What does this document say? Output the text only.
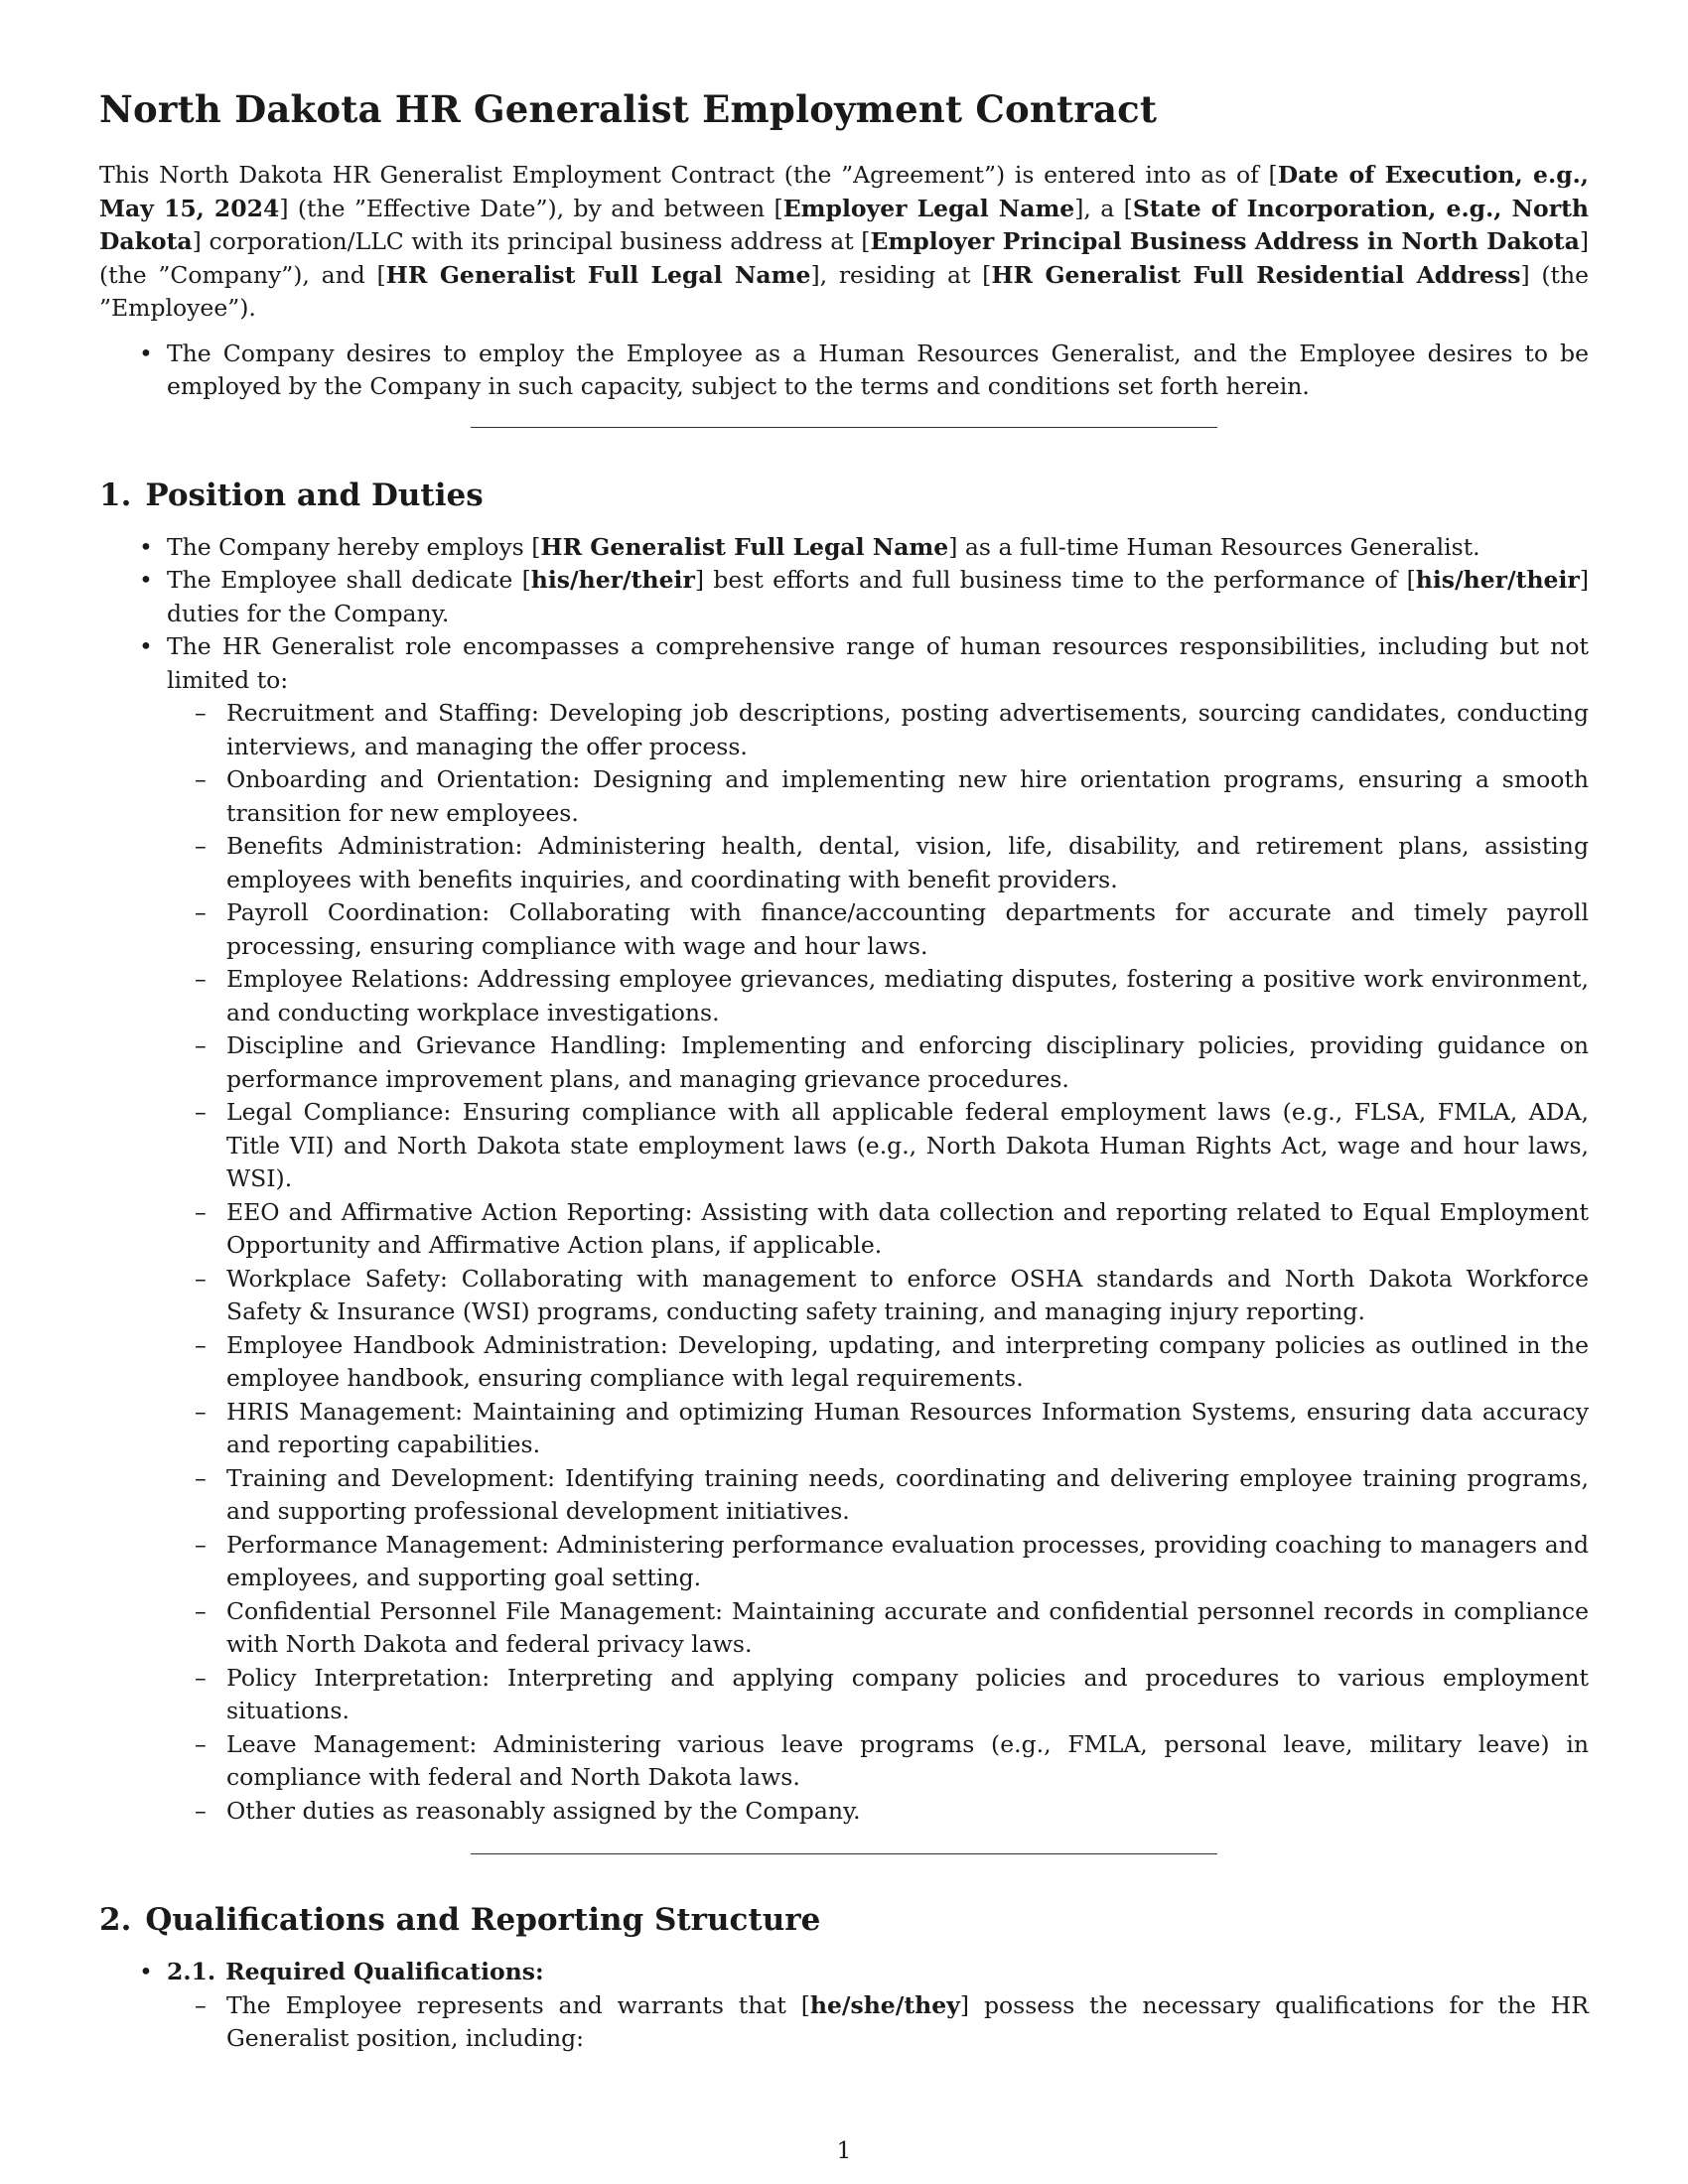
North Dakota HR Generalist Employment Contract

This North Dakota HR Generalist Employment Contract (the ”Agreement”) is entered into as of [Date of Execution, e.g., May 15, 2024] (the ”Effective Date”), by and between [Employer Legal Name], a [State of Incorporation, e.g., North Dakota] corporation/LLC with its principal business address at [Employer Principal Business Address in North Dakota] (the ”Company”), and [HR Generalist Full Legal Name], residing at [HR Generalist Full Residential Address] (the ”Employee”).

• The Company desires to employ the Employee as a Human Resources Generalist, and the Employee desires to be employed by the Company in such capacity, subject to the terms and conditions set forth herein.
1. Position and Duties
• The Company hereby employs [HR Generalist Full Legal Name] as a full-time Human Resources Generalist.
• The Employee shall dedicate [his/her/their] best efforts and full business time to the performance of [his/her/their] duties for the Company.
• The HR Generalist role encompasses a comprehensive range of human resources responsibilities, including but not limited to:
– Recruitment and Staffing: Developing job descriptions, posting advertisements, sourcing candidates, conducting interviews, and managing the offer process.
– Onboarding and Orientation: Designing and implementing new hire orientation programs, ensuring a smooth transition for new employees.
– Benefits Administration: Administering health, dental, vision, life, disability, and retirement plans, assisting employees with benefits inquiries, and coordinating with benefit providers.
– Payroll Coordination: Collaborating with finance/accounting departments for accurate and timely payroll processing, ensuring compliance with wage and hour laws.
– Employee Relations: Addressing employee grievances, mediating disputes, fostering a positive work environment, and conducting workplace investigations.
– Discipline and Grievance Handling: Implementing and enforcing disciplinary policies, providing guidance on performance improvement plans, and managing grievance procedures.
– Legal Compliance: Ensuring compliance with all applicable federal employment laws (e.g., FLSA, FMLA, ADA, Title VII) and North Dakota state employment laws (e.g., North Dakota Human Rights Act, wage and hour laws, WSI).
– EEO and Affirmative Action Reporting: Assisting with data collection and reporting related to Equal Employment Opportunity and Affirmative Action plans, if applicable.
– Workplace Safety: Collaborating with management to enforce OSHA standards and North Dakota Workforce Safety & Insurance (WSI) programs, conducting safety training, and managing injury reporting.
– Employee Handbook Administration: Developing, updating, and interpreting company policies as outlined in the employee handbook, ensuring compliance with legal requirements.
– HRIS Management: Maintaining and optimizing Human Resources Information Systems, ensuring data accuracy and reporting capabilities.
– Training and Development: Identifying training needs, coordinating and delivering employee training programs, and supporting professional development initiatives.
– Performance Management: Administering performance evaluation processes, providing coaching to managers and employees, and supporting goal setting.
– Confidential Personnel File Management: Maintaining accurate and confidential personnel records in compliance with North Dakota and federal privacy laws.
– Policy Interpretation: Interpreting and applying company policies and procedures to various employment situations.
– Leave Management: Administering various leave programs (e.g., FMLA, personal leave, military leave) in compliance with federal and North Dakota laws.
– Other duties as reasonably assigned by the Company.
2. Qualifications and Reporting Structure
• 2.1. Required Qualifications:
– The Employee represents and warrants that [he/she/they] possess the necessary qualifications for the HR Generalist position, including:
1
